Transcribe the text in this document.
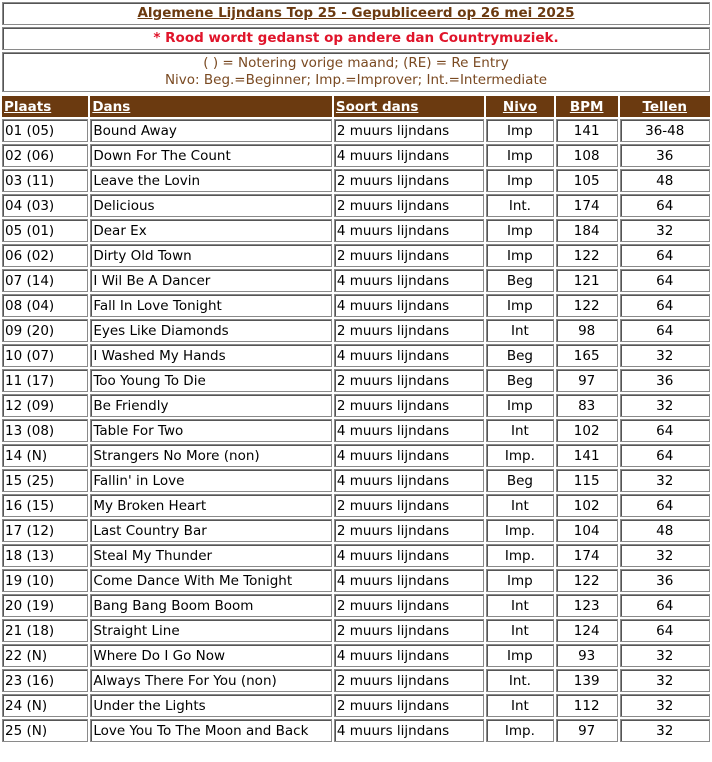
Algemene Lijndans Top 25 - Gepubliceerd op 26 mei 2025
* Rood wordt gedanst op andere dan Countrymuziek.

( ) = Notering vorige maand; (RE) = Re Entry
Nivo: Beg.=Beginner; Imp.=Improver; Int.=Intermediate
Plaats	Dans	Soort dans	Nivo	BPM	Tellen
01 (05)	Bound Away	2 muurs lijndans	Imp	141	36-48
02 (06)	Down For The Count	4 muurs lijndans	Imp	108	36
03 (11)	Leave the Lovin	2 muurs lijndans	Imp	105	48
04 (03)	Delicious	2 muurs lijndans	Int.	174	64
05 (01)	Dear Ex	4 muurs lijndans	Imp	184	32
06 (02)	Dirty Old Town	2 muurs lijndans	Imp	122	64
07 (14)	I Wil Be A Dancer	4 muurs lijndans	Beg	121	64
08 (04)	Fall In Love Tonight	4 muurs lijndans	Imp	122	64
09 (20)	Eyes Like Diamonds	2 muurs lijndans	Int	98	64
10 (07)	I Washed My Hands	4 muurs lijndans	Beg	165	32
11 (17)	Too Young To Die	2 muurs lijndans	Beg	97	36
12 (09)	Be Friendly	2 muurs lijndans	Imp	83	32
13 (08)	Table For Two	4 muurs lijndans	Int	102	64
14 (N)	Strangers No More (non)	4 muurs lijndans	Imp.	141	64
15 (25)	Fallin' in Love	4 muurs lijndans	Beg	115	32
16 (15)	My Broken Heart	2 muurs lijndans	Int	102	64
17 (12)	Last Country Bar	2 muurs lijndans	Imp.	104	48
18 (13)	Steal My Thunder	4 muurs lijndans	Imp.	174	32
19 (10)	Come Dance With Me Tonight	4 muurs lijndans	Imp	122	36
20 (19)	Bang Bang Boom Boom	2 muurs lijndans	Int	123	64
21 (18)	Straight Line	2 muurs lijndans	Int	124	64
22 (N)	Where Do I Go Now	4 muurs lijndans	Imp	93	32
23 (16)	Always There For You (non)	2 muurs lijndans	Int.	139	32
24 (N)	Under the Lights	2 muurs lijndans	Int	112	32
25 (N)	Love You To The Moon and Back	4 muurs lijndans	Imp.	97	32
